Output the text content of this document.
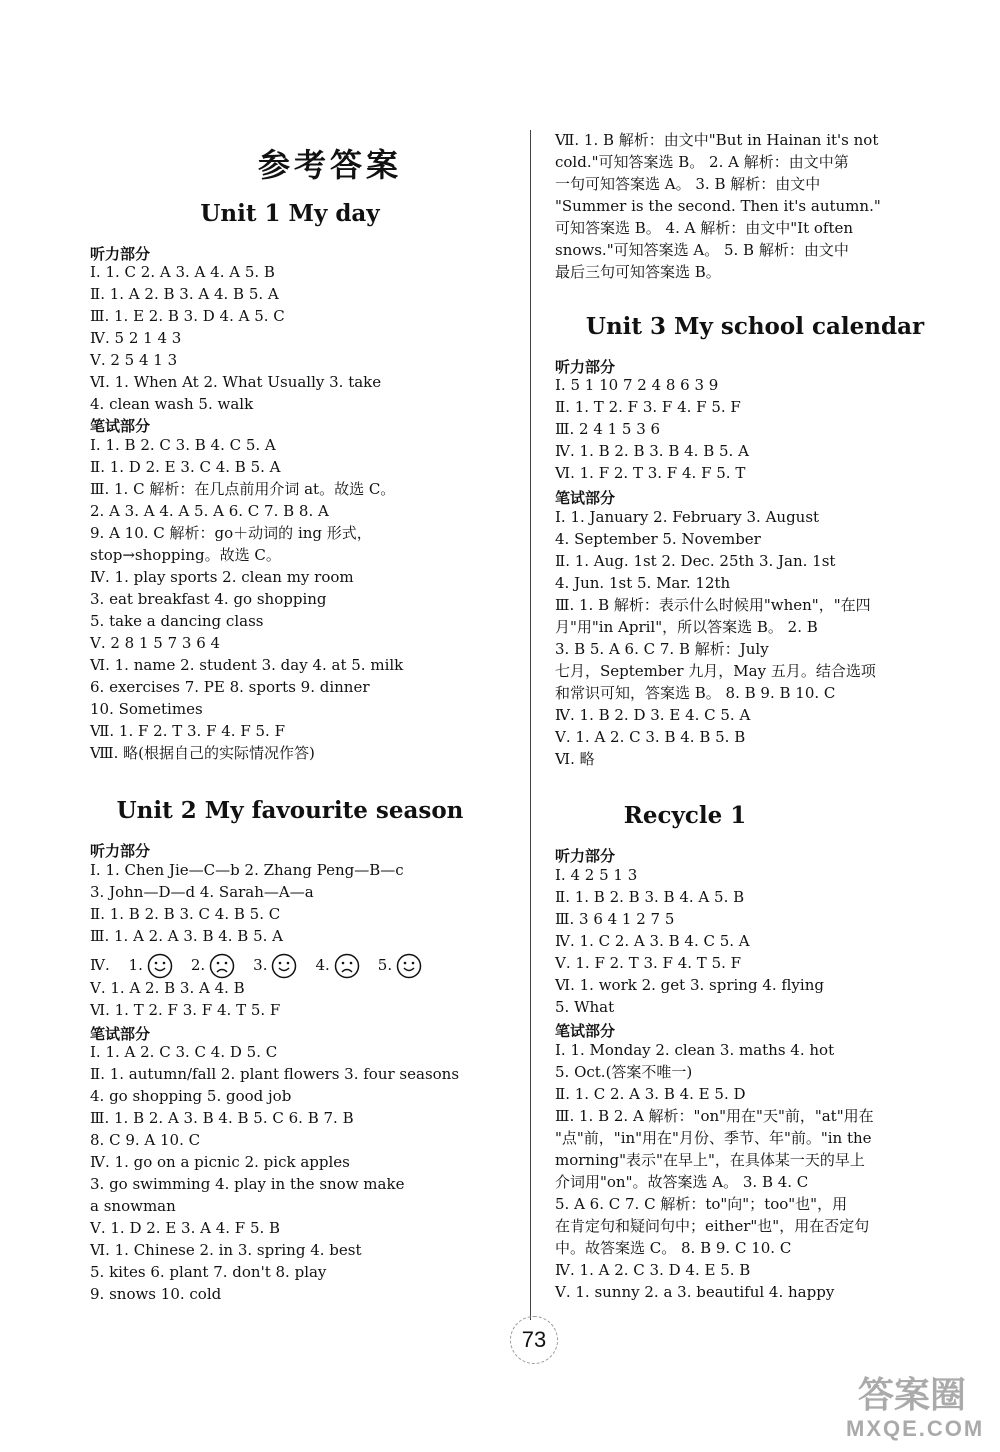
参考答案
Unit 1 My day
听力部分
Ⅰ. 1. C 2. A 3. A 4. A 5. B
Ⅱ. 1. A 2. B 3. A 4. B 5. A
Ⅲ. 1. E 2. B 3. D 4. A 5. C
Ⅳ. 5 2 1 4 3
Ⅴ. 2 5 4 1 3
Ⅵ. 1. When At 2. What Usually 3. take
4. clean wash 5. walk
笔试部分
Ⅰ. 1. B 2. C 3. B 4. C 5. A
Ⅱ. 1. D 2. E 3. C 4. B 5. A
Ⅲ. 1. C 解析：在几点前用介词 at。故选 C。
2. A 3. A 4. A 5. A 6. C 7. B 8. A
9. A 10. C 解析：go＋动词的 ing 形式，
stop→shopping。故选 C。
Ⅳ. 1. play sports 2. clean my room
3. eat breakfast 4. go shopping
5. take a dancing class
Ⅴ. 2 8 1 5 7 3 6 4
Ⅵ. 1. name 2. student 3. day 4. at 5. milk
6. exercises 7. PE 8. sports 9. dinner
10. Sometimes
Ⅶ. 1. F 2. T 3. F 4. F 5. F
Ⅷ. 略(根据自己的实际情况作答)
Unit 2 My favourite season
听力部分
Ⅰ. 1. Chen Jie—C—b 2. Zhang Peng—B—c
3. John—D—d 4. Sarah—A—a
Ⅱ. 1. B 2. B 3. C 4. B 5. C
Ⅲ. 1. A 2. A 3. B 4. B 5. A
Ⅳ. 1.	2.	3.	4.	5.
Ⅴ. 1. A 2. B 3. A 4. B
Ⅵ. 1. T 2. F 3. F 4. T 5. F
笔试部分
Ⅰ. 1. A 2. C 3. C 4. D 5. C
Ⅱ. 1. autumn/fall 2. plant flowers 3. four seasons
4. go shopping 5. good job
Ⅲ. 1. B 2. A 3. B 4. B 5. C 6. B 7. B
8. C 9. A 10. C
Ⅳ. 1. go on a picnic 2. pick apples
3. go swimming 4. play in the snow make
a snowman
Ⅴ. 1. D 2. E 3. A 4. F 5. B
Ⅵ. 1. Chinese 2. in 3. spring 4. best
5. kites 6. plant 7. don't 8. play
9. snows 10. cold
Ⅶ. 1. B 解析：由文中"But in Hainan it's not
cold."可知答案选 B。 2. A 解析：由文中第
一句可知答案选 A。 3. B 解析：由文中
"Summer is the second. Then it's autumn."
可知答案选 B。 4. A 解析：由文中"It often
snows."可知答案选 A。 5. B 解析：由文中
最后三句可知答案选 B。
Unit 3 My school calendar
听力部分
Ⅰ. 5 1 10 7 2 4 8 6 3 9
Ⅱ. 1. T 2. F 3. F 4. F 5. F
Ⅲ. 2 4 1 5 3 6
Ⅳ. 1. B 2. B 3. B 4. B 5. A
Ⅵ. 1. F 2. T 3. F 4. F 5. T
笔试部分
Ⅰ. 1. January 2. February 3. August
4. September 5. November
Ⅱ. 1. Aug. 1st 2. Dec. 25th 3. Jan. 1st
4. Jun. 1st 5. Mar. 12th
Ⅲ. 1. B 解析：表示什么时候用"when"，"在四
月"用"in April"，所以答案选 B。 2. B
3. B 5. A 6. C 7. B 解析：July
七月，September 九月，May 五月。结合选项
和常识可知，答案选 B。 8. B 9. B 10. C
Ⅳ. 1. B 2. D 3. E 4. C 5. A
Ⅴ. 1. A 2. C 3. B 4. B 5. B
Ⅵ. 略
Recycle 1
听力部分
Ⅰ. 4 2 5 1 3
Ⅱ. 1. B 2. B 3. B 4. A 5. B
Ⅲ. 3 6 4 1 2 7 5
Ⅳ. 1. C 2. A 3. B 4. C 5. A
Ⅴ. 1. F 2. T 3. F 4. T 5. F
Ⅵ. 1. work 2. get 3. spring 4. flying
5. What
笔试部分
Ⅰ. 1. Monday 2. clean 3. maths 4. hot
5. Oct.(答案不唯一)
Ⅱ. 1. C 2. A 3. B 4. E 5. D
Ⅲ. 1. B 2. A 解析："on"用在"天"前，"at"用在
"点"前，"in"用在"月份、季节、年"前。"in the
morning"表示"在早上"，在具体某一天的早上
介词用"on"。故答案选 A。 3. B 4. C
5. A 6. C 7. C 解析：to"向"；too"也"，用
在肯定句和疑问句中；either"也"，用在否定句
中。故答案选 C。 8. B 9. C 10. C
Ⅳ. 1. A 2. C 3. D 4. E 5. B
Ⅴ. 1. sunny 2. a 3. beautiful 4. happy
73
答案圈
MXQE.COM
